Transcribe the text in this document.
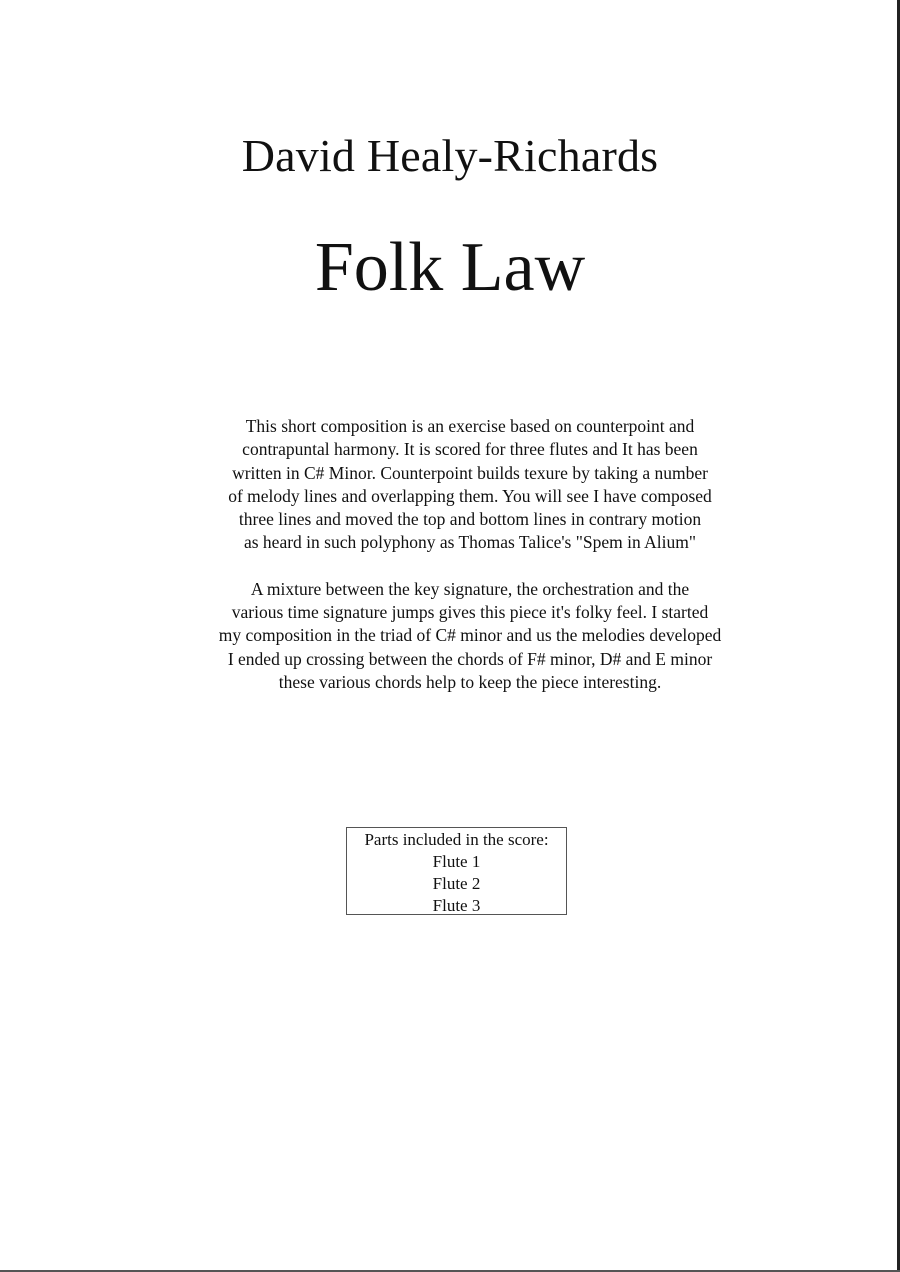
David Healy-Richards
Folk Law
This short composition is an exercise based on counterpoint and
contrapuntal harmony. It is scored for three flutes and It has been
written in C# Minor. Counterpoint builds texure by taking a number
of melody lines and overlapping them. You will see I have composed
three lines and moved the top and bottom lines in contrary motion
as heard in such polyphony as Thomas Talice's "Spem in Alium"
A mixture between the key signature, the orchestration and the
various time signature jumps gives this piece it's folky feel. I started
my composition in the triad of C# minor and us the melodies developed
I ended up crossing between the chords of F# minor, D# and E minor
these various chords help to keep the piece interesting.
Parts included in the score:
Flute 1
Flute 2
Flute 3
